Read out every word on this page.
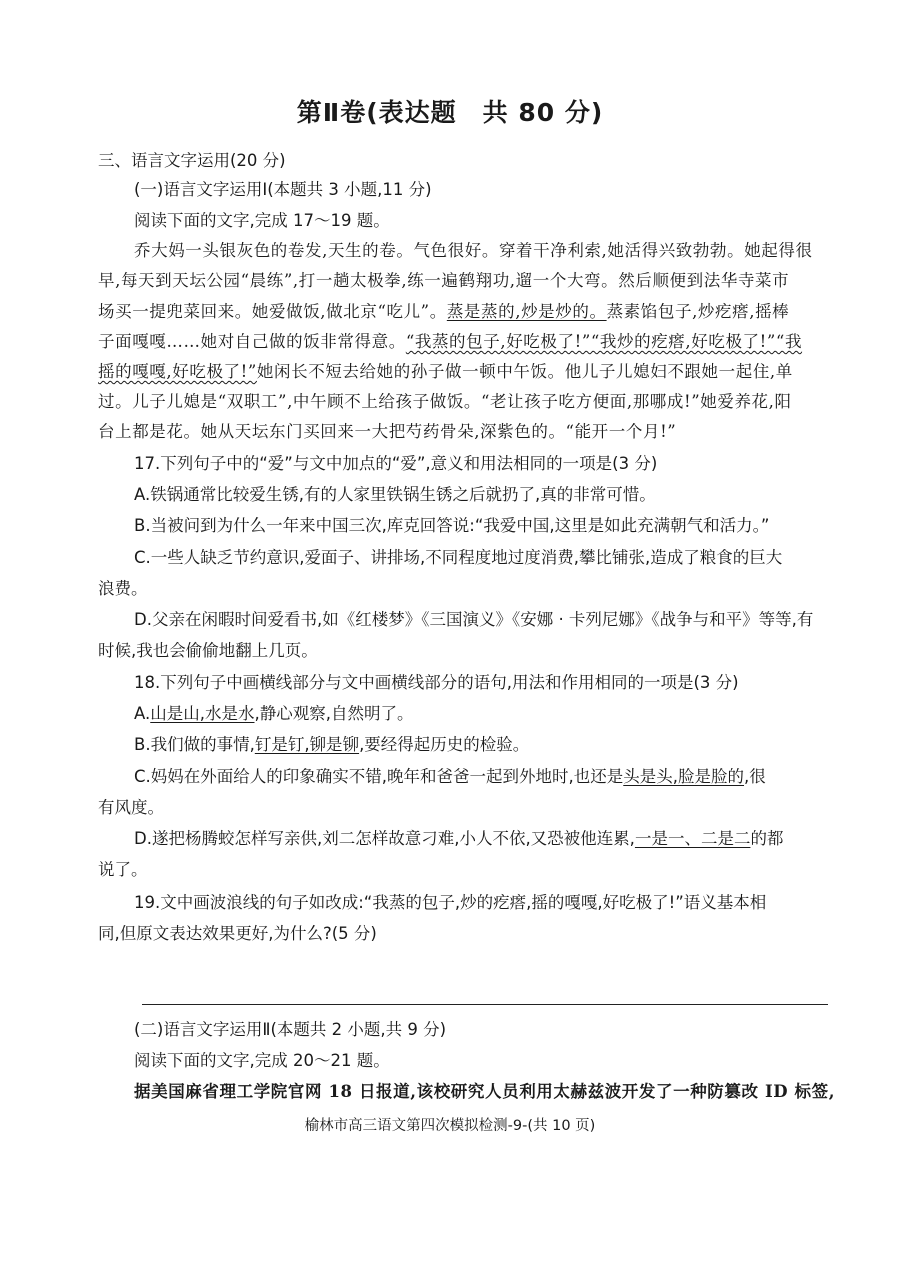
第Ⅱ卷(表达题　共 80 分)
三、语言文字运用(20 分)
(一)语言文字运用Ⅰ(本题共 3 小题,11 分)
阅读下面的文字,完成 17～19 题。
乔大妈一头银灰色的卷发,天生的卷。气色很好。穿着干净利索,她活得兴致勃勃。她起得很
早,每天到天坛公园“晨练”,打一趟太极拳,练一遍鹤翔功,遛一个大弯。然后顺便到法华寺菜市
场买一提兜菜回来。她爱做饭,做北京“吃儿”。蒸是蒸的,炒是炒的。蒸素馅包子,炒疙瘩,摇棒
子面嘎嘎……她对自己做的饭非常得意。“我蒸的包子,好吃极了!”“我炒的疙瘩,好吃极了!”“我
摇的嘎嘎,好吃极了!”她闲长不短去给她的孙子做一顿中午饭。他儿子儿媳妇不跟她一起住,单
过。儿子儿媳是“双职工”,中午顾不上给孩子做饭。“老让孩子吃方便面,那哪成!”她爱养花,阳
台上都是花。她从天坛东门买回来一大把芍药骨朵,深紫色的。“能开一个月!”
17.下列句子中的“爱”与文中加点的“爱”,意义和用法相同的一项是(3 分)
A.铁锅通常比较爱生锈,有的人家里铁锅生锈之后就扔了,真的非常可惜。
B.当被问到为什么一年来中国三次,库克回答说:“我爱中国,这里是如此充满朝气和活力。”
C.一些人缺乏节约意识,爱面子、讲排场,不同程度地过度消费,攀比铺张,造成了粮食的巨大
浪费。
D.父亲在闲暇时间爱看书,如《红楼梦》《三国演义》《安娜 · 卡列尼娜》《战争与和平》等等,有
时候,我也会偷偷地翻上几页。
18.下列句子中画横线部分与文中画横线部分的语句,用法和作用相同的一项是(3 分)
A.山是山,水是水,静心观察,自然明了。
B.我们做的事情,钉是钉,铆是铆,要经得起历史的检验。
C.妈妈在外面给人的印象确实不错,晚年和爸爸一起到外地时,也还是头是头,脸是脸的,很
有风度。
D.遂把杨腾蛟怎样写亲供,刘二怎样故意刁难,小人不依,又恐被他连累,一是一、二是二的都
说了。
19.文中画波浪线的句子如改成:“我蒸的包子,炒的疙瘩,摇的嘎嘎,好吃极了!”语义基本相
同,但原文表达效果更好,为什么?(5 分)
(二)语言文字运用Ⅱ(本题共 2 小题,共 9 分)
阅读下面的文字,完成 20～21 题。
据美国麻省理工学院官网 18 日报道,该校研究人员利用太赫兹波开发了一种防篡改 ID 标签,
榆林市高三语文第四次模拟检测-9-(共 10 页)
